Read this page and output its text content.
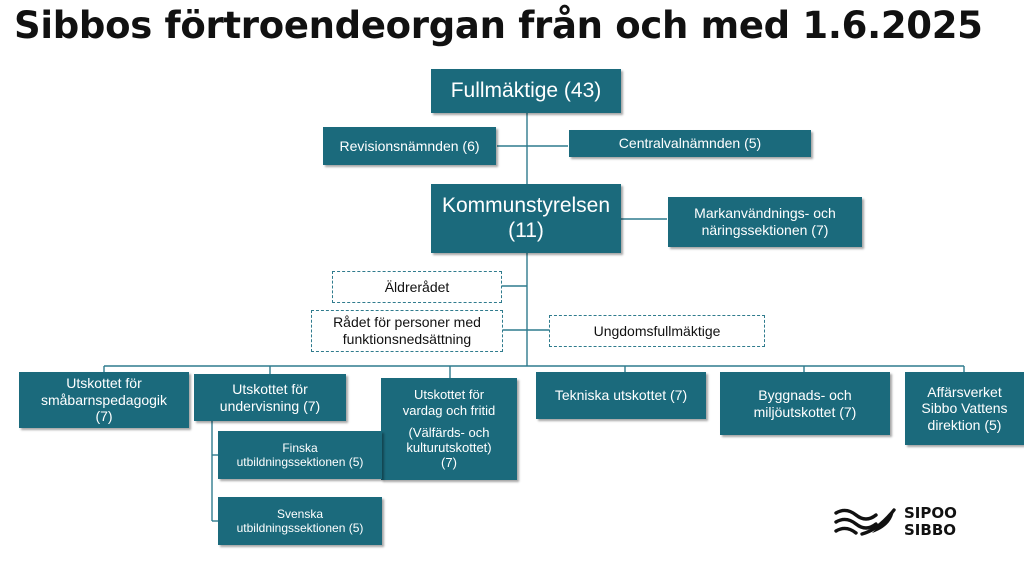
Sibbos förtroendeorgan från och med 1.6.2025
Fullmäktige (43)
Revisionsnämnden (6)	Centralvalnämnden (5)
Kommunstyrelsen
(11)
Markanvändnings- och
näringssektionen (7)
Äldrerådet
Rådet för personer med
funktionsnedsättning
Ungdomsfullmäktige
Utskottet för
småbarnspedagogik
(7)
Utskottet för
undervisning (7)
Utskottet för
vardag och fritid
(Välfärds- och
kulturutskottet)
(7)
Tekniska utskottet (7)	Byggnads- och
miljöutskottet (7)
Affärsverket
Sibbo Vattens
direktion (5)
Finska
utbildningssektionen (5)
Svenska
utbildningssektionen (5)
SIPOO
SIBBO
